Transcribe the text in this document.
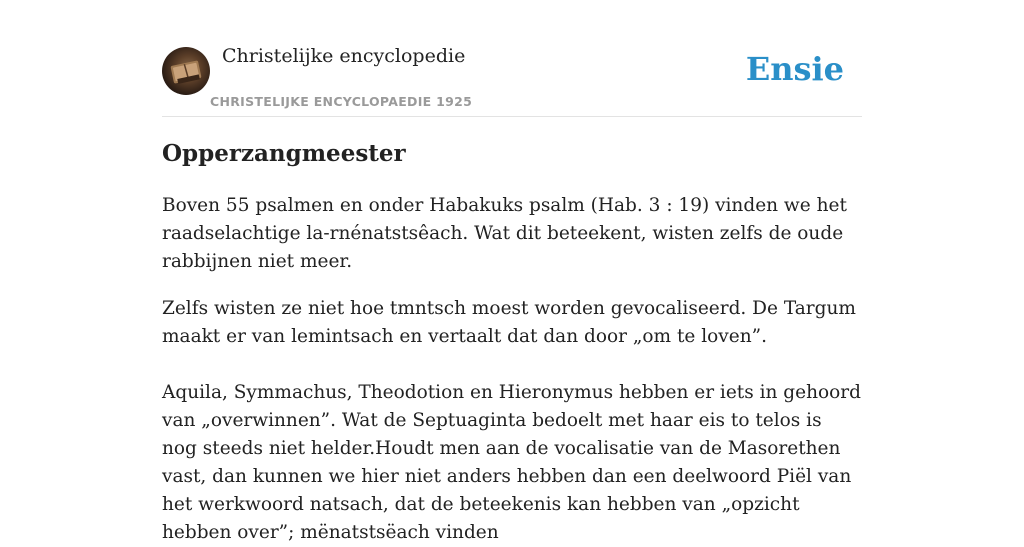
Christelijke encyclopedie
CHRISTELIJKE ENCYCLOPAEDIE 1925
Ensie
Opperzangmeester

Boven 55 psalmen en onder Habakuks psalm (Hab. 3 : 19) vinden we het raadselachtige la-rnénatstsêach. Wat dit beteekent, wisten zelfs de oude rabbijnen niet meer.

Zelfs wisten ze niet hoe tmntsch moest worden gevocaliseerd. De Targum maakt er van lemintsach en vertaalt dat dan door „om te loven”.

Aquila, Symmachus, Theodotion en Hieronymus hebben er iets in gehoord van „overwinnen”. Wat de Septuaginta bedoelt met haar eis to telos is nog steeds niet helder.Houdt men aan de vocalisatie van de Masorethen vast, dan kunnen we hier niet anders hebben dan een deelwoord Piël van het werkwoord natsach, dat de beteekenis kan hebben van „opzicht hebben over”; mënatstsëach vinden
